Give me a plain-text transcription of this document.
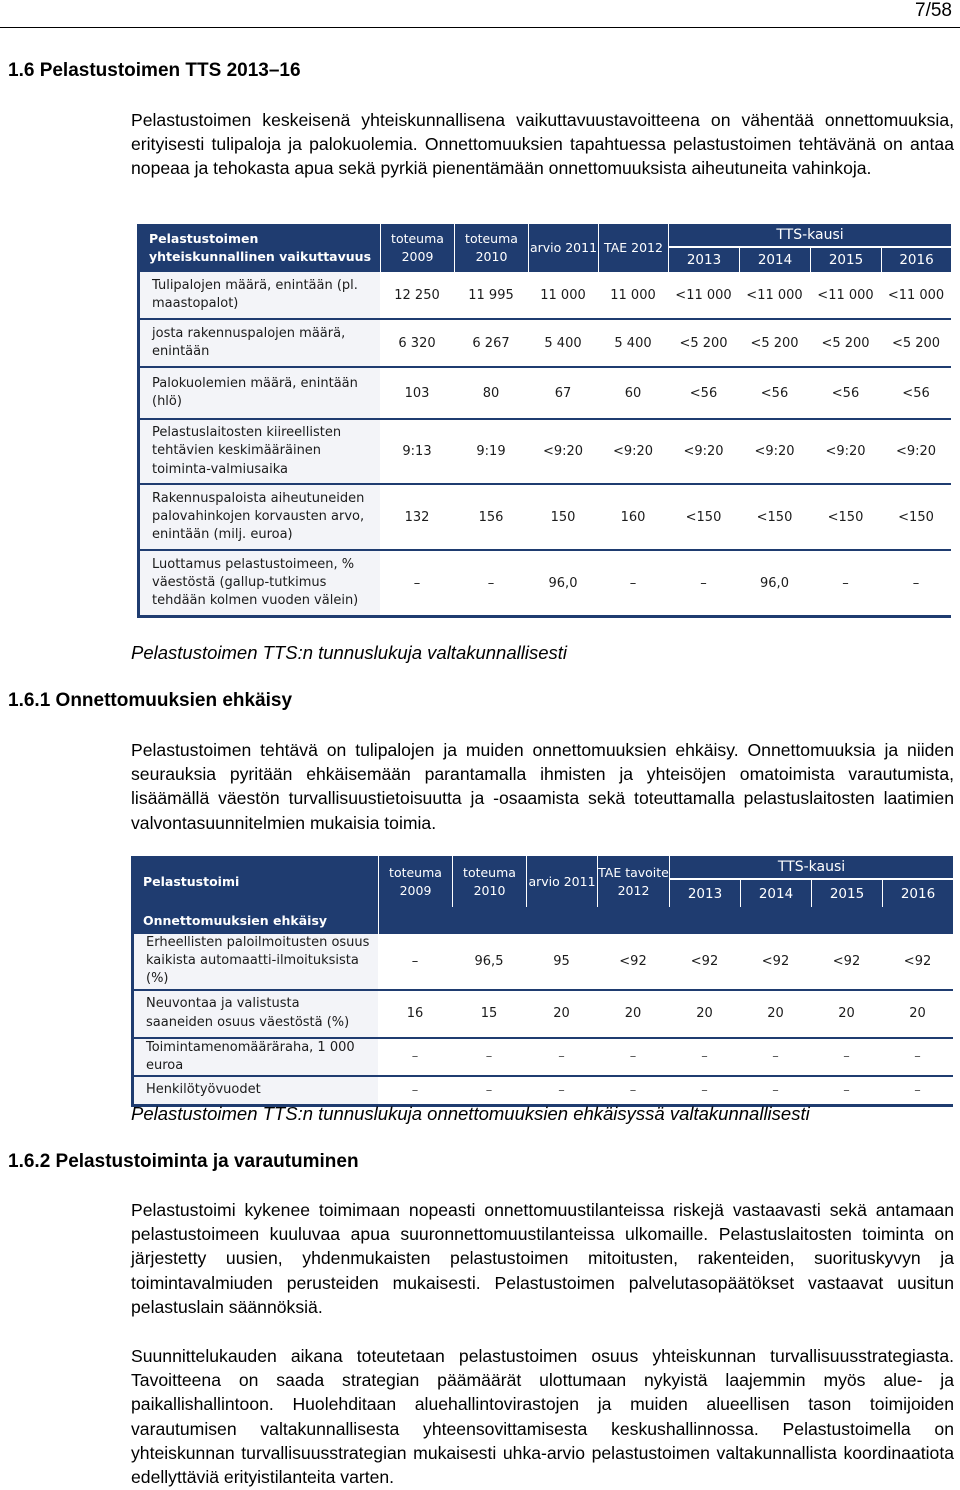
7/58
1.6 Pelastustoimen TTS 2013–16
Pelastustoimen keskeisenä yhteiskunnallisena vaikuttavuustavoitteena on vähentää onnettomuuksia, erityisesti tulipaloja ja palokuolemia. Onnettomuuksien tapahtuessa pelastustoimen tehtävänä on antaa nopeaa ja tehokasta apua sekä pyrkiä pienentämään onnettomuuksista aiheutuneita vahinkoja.
Pelastustoimen yhteiskunnallinen vaikuttavuus	toteuma 2009	toteuma 2010	arvio 2011	TAE 2012	TTS-kausi			
					2013	2014	2015	2016
Tulipalojen määrä, enintään (pl. maastopalot)	12 250	11 995	11 000	11 000	<11 000	<11 000	<11 000	<11 000
josta rakennuspalojen määrä, enintään	6 320	6 267	5 400	5 400	<5 200	<5 200	<5 200	<5 200
Palokuolemien määrä, enintään (hlö)	103	80	67	60	<56	<56	<56	<56
Pelastuslaitosten kiireellisten tehtävien keskimääräinen toiminta-valmiusaika	9:13	9:19	<9:20	<9:20	<9:20	<9:20	<9:20	<9:20
Rakennuspaloista aiheutuneiden palovahinkojen korvausten arvo, enintään (milj. euroa)	132	156	150	160	<150	<150	<150	<150
Luottamus pelastustoimeen, % väestöstä (gallup-tutkimus tehdään kolmen vuoden välein)	–	–	96,0	–	–	96,0	–	–
Pelastustoimen TTS:n tunnuslukuja valtakunnallisesti
1.6.1 Onnettomuuksien ehkäisy
Pelastustoimen tehtävä on tulipalojen ja muiden onnettomuuksien ehkäisy. Onnettomuuksia ja niiden seurauksia pyritään ehkäisemään parantamalla ihmisten ja yhteisöjen omatoimista varautumista, lisäämällä väestön turvallisuustietoisuutta ja -osaamista sekä toteuttamalla pelastuslaitosten laatimien valvontasuunnitelmien mukaisia toimia.
Pelastustoimi	toteuma 2009	toteuma 2010	arvio 2011	TAE tavoite 2012	TTS-kausi			
					2013	2014	2015	2016
Onnettomuuksien ehkäisy								
Erheellisten paloilmoitusten osuus kaikista automaatti-ilmoituksista (%)	–	96,5	95	<92	<92	<92	<92	<92
Neuvontaa ja valistusta saaneiden osuus väestöstä (%)	16	15	20	20	20	20	20	20
Toimintamenomääräraha, 1 000 euroa	–	–	–	–	–	–	–	–
Henkilötyövuodet	–	–	–	–	–	–	–	–
Pelastustoimen TTS:n tunnuslukuja onnettomuuksien ehkäisyssä valtakunnallisesti
1.6.2 Pelastustoiminta ja varautuminen
Pelastustoimi kykenee toimimaan nopeasti onnettomuustilanteissa riskejä vastaavasti sekä antamaan pelastustoimeen kuuluvaa apua suuronnettomuustilanteissa ulkomaille. Pelastuslaitosten toiminta on järjestetty uusien, yhdenmukaisten pelastustoimen mitoitusten, rakenteiden, suorituskyvyn ja toimintavalmiuden perusteiden mukaisesti. Pelastustoimen palvelutasopäätökset vastaavat uusitun pelastuslain säännöksiä.
Suunnittelukauden aikana toteutetaan pelastustoimen osuus yhteiskunnan turvallisuusstrategiasta. Tavoitteena on saada strategian päämäärät ulottumaan nykyistä laajemmin myös alue- ja paikallishallintoon. Huolehditaan aluehallintovirastojen ja muiden alueellisen tason toimijoiden varautumisen valtakunnallisesta yhteensovittamisesta keskushallinnossa. Pelastustoimella on yhteiskunnan turvallisuusstrategian mukaisesti uhka-arvio pelastustoimen valtakunnallista koordinaatiota edellyttäviä erityistilanteita varten.
